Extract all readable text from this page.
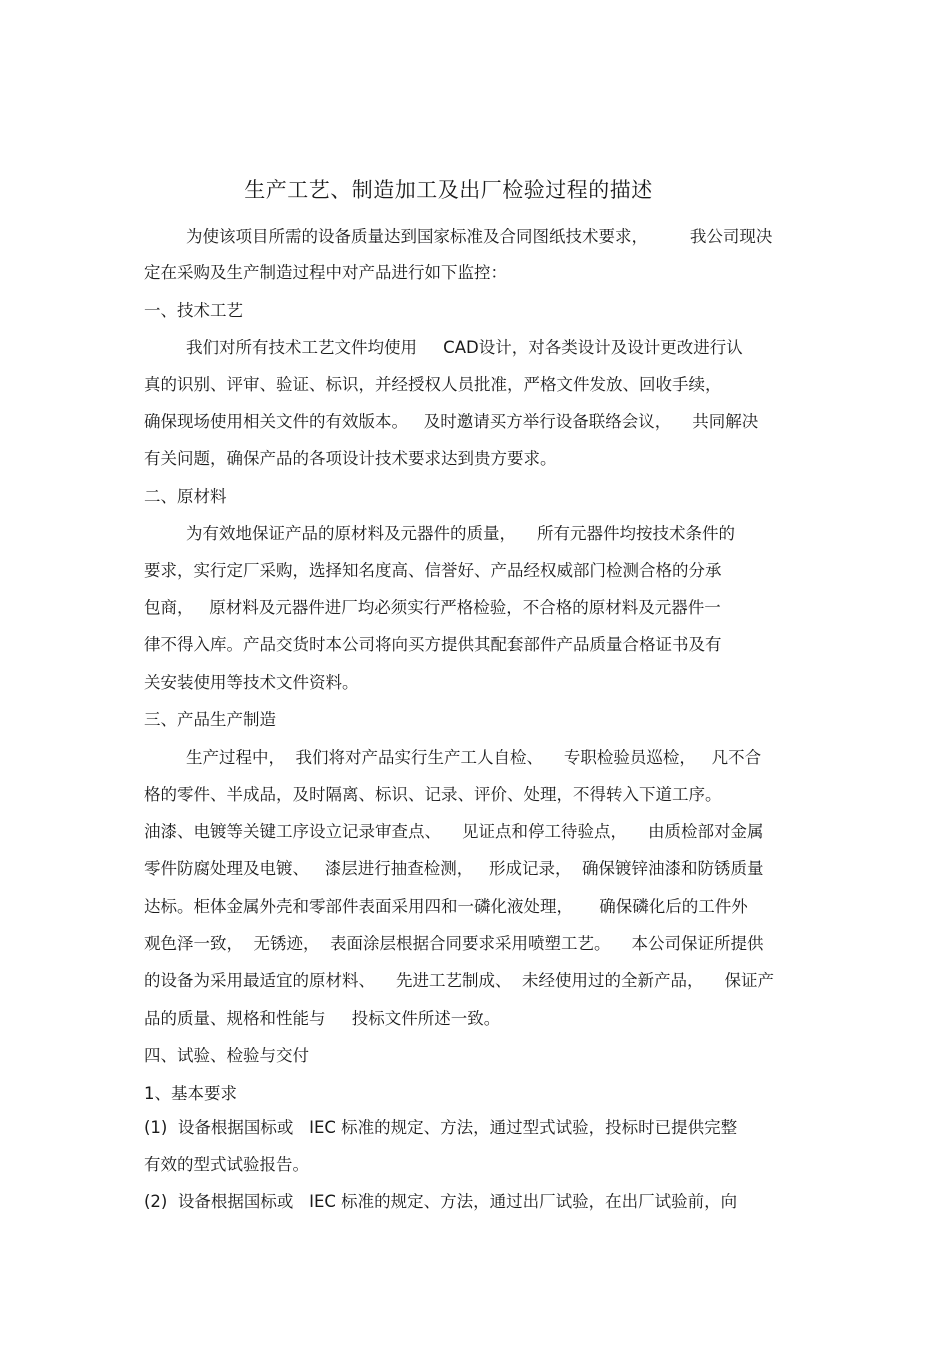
生产工艺、制造加工及出厂检验过程的描述
为使该项目所需的设备质量达到国家标准及合同图纸技术要求，        我公司现决
定在采购及生产制造过程中对产品进行如下监控：
一、技术工艺
我们对所有技术工艺文件均使用     CAD设计，对各类设计及设计更改进行认
真的识别、评审、验证、标识，并经授权人员批准，严格文件发放、回收手续，
确保现场使用相关文件的有效版本。   及时邀请买方举行设备联络会议，    共同解决
有关问题，确保产品的各项设计技术要求达到贵方要求。
二、原材料
为有效地保证产品的原材料及元器件的质量，    所有元器件均按技术条件的
要求，实行定厂采购，选择知名度高、信誉好、产品经权威部门检测合格的分承
包商，   原材料及元器件进厂均必须实行严格检验，不合格的原材料及元器件一
律不得入库。产品交货时本公司将向买方提供其配套部件产品质量合格证书及有
关安装使用等技术文件资料。
三、产品生产制造
生产过程中，  我们将对产品实行生产工人自检、    专职检验员巡检，   凡不合
格的零件、半成品，及时隔离、标识、记录、评价、处理，不得转入下道工序。
油漆、电镀等关键工序设立记录审查点、    见证点和停工待验点，    由质检部对金属
零件防腐处理及电镀、   漆层进行抽查检测，   形成记录，  确保镀锌油漆和防锈质量
达标。柜体金属外壳和零部件表面采用四和一磷化液处理，     确保磷化后的工件外
观色泽一致，  无锈迹，  表面涂层根据合同要求采用喷塑工艺。    本公司保证所提供
的设备为采用最适宜的原材料、    先进工艺制成、  未经使用过的全新产品，    保证产
品的质量、规格和性能与     投标文件所述一致。
四、试验、检验与交付
1、基本要求
(1)  设备根据国标或   IEC 标准的规定、方法，通过型式试验，投标时已提供完整
有效的型式试验报告。
(2)  设备根据国标或   IEC 标准的规定、方法，通过出厂试验，在出厂试验前，向
